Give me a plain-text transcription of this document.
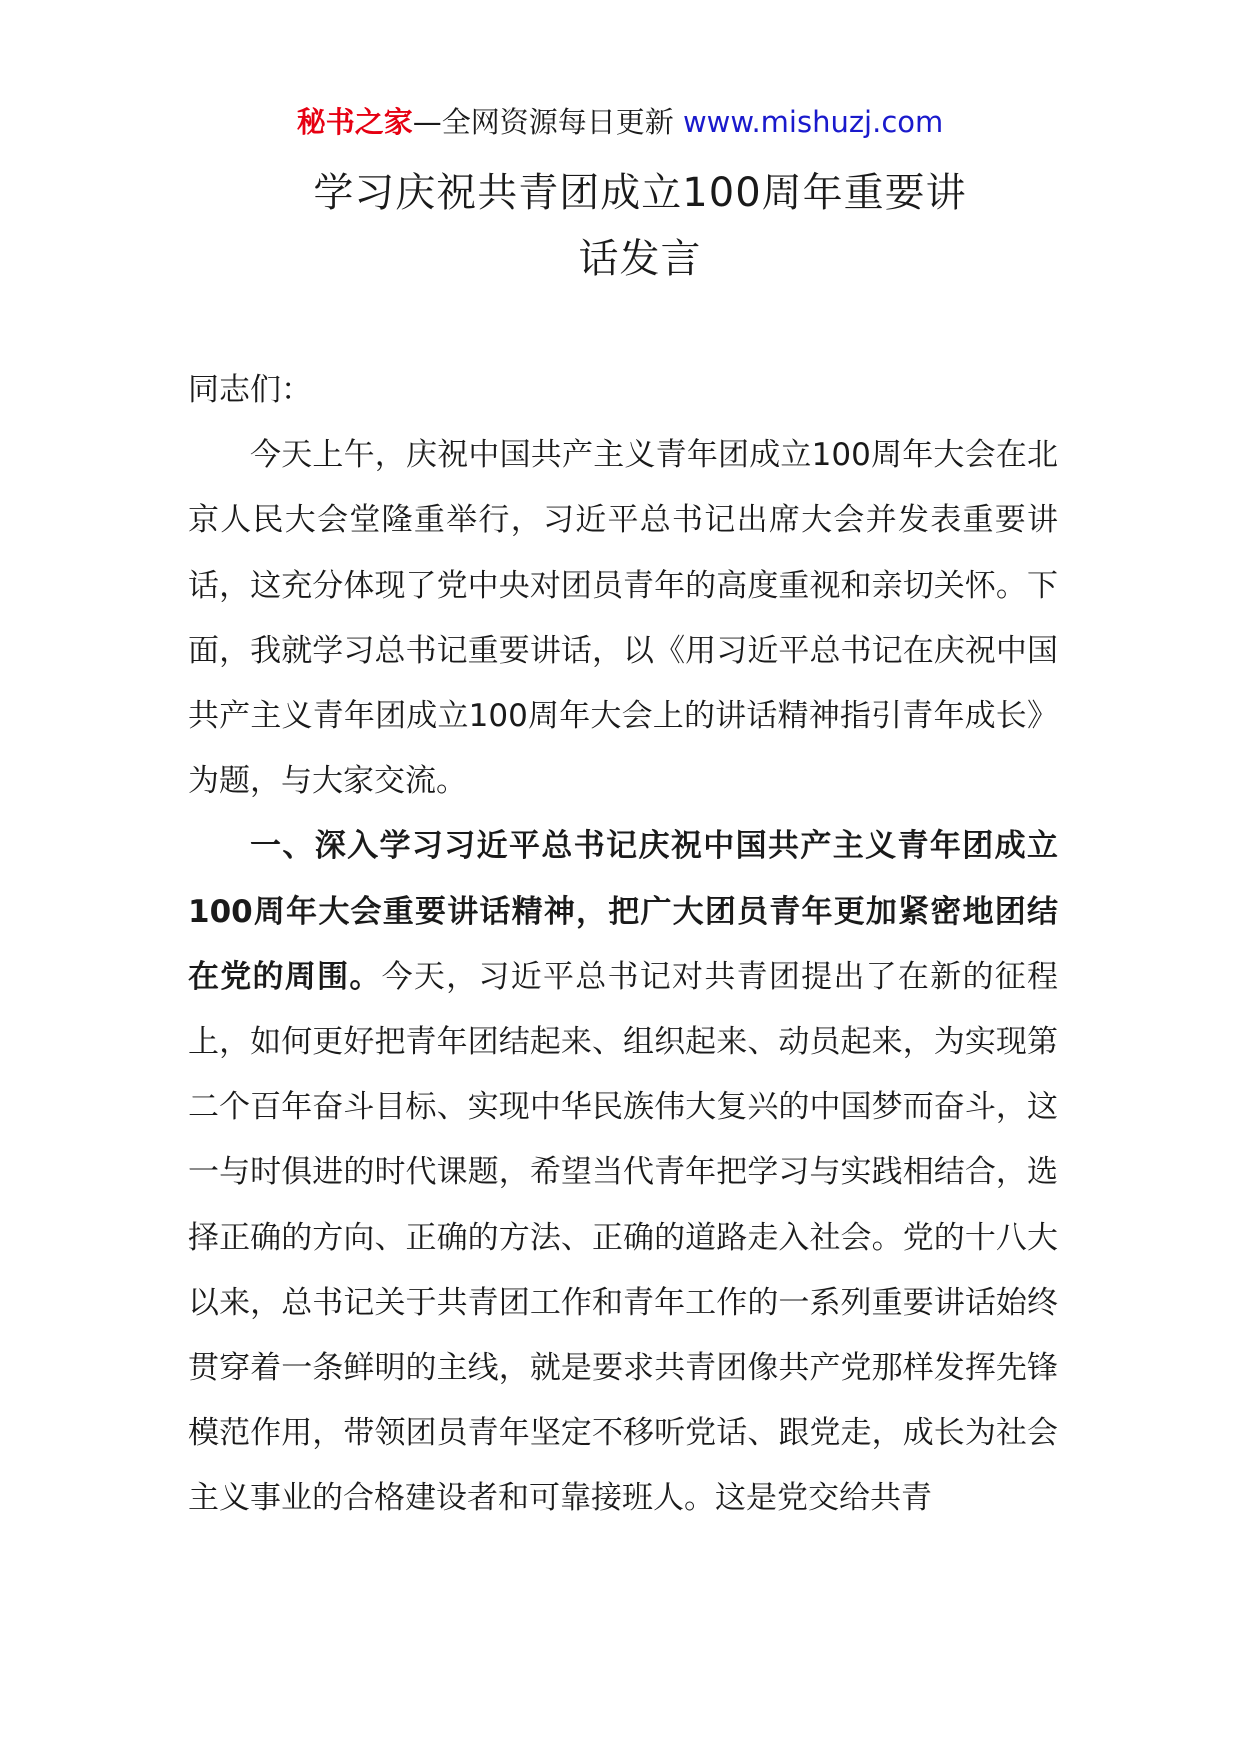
秘书之家—全网资源每日更新 www.mishuzj.com
学习庆祝共青团成立100周年重要讲
话发言

同志们：

今天上午，庆祝中国共产主义青年团成立100周年大会在北京人民大会堂隆重举行，习近平总书记出席大会并发表重要讲话，这充分体现了党中央对团员青年的高度重视和亲切关怀。下面，我就学习总书记重要讲话，以《用习近平总书记在庆祝中国共产主义青年团成立100周年大会上的讲话精神指引青年成长》为题，与大家交流。

一、深入学习习近平总书记庆祝中国共产主义青年团成立100周年大会重要讲话精神，把广大团员青年更加紧密地团结在党的周围。今天，习近平总书记对共青团提出了在新的征程上，如何更好把青年团结起来、组织起来、动员起来，为实现第二个百年奋斗目标、实现中华民族伟大复兴的中国梦而奋斗，这一与时俱进的时代课题，希望当代青年把学习与实践相结合，选择正确的方向、正确的方法、正确的道路走入社会。党的十八大以来，总书记关于共青团工作和青年工作的一系列重要讲话始终贯穿着一条鲜明的主线，就是要求共青团像共产党那样发挥先锋模范作用，带领团员青年坚定不移听党话、跟党走，成长为社会主义事业的合格建设者和可靠接班人。这是党交给共青
